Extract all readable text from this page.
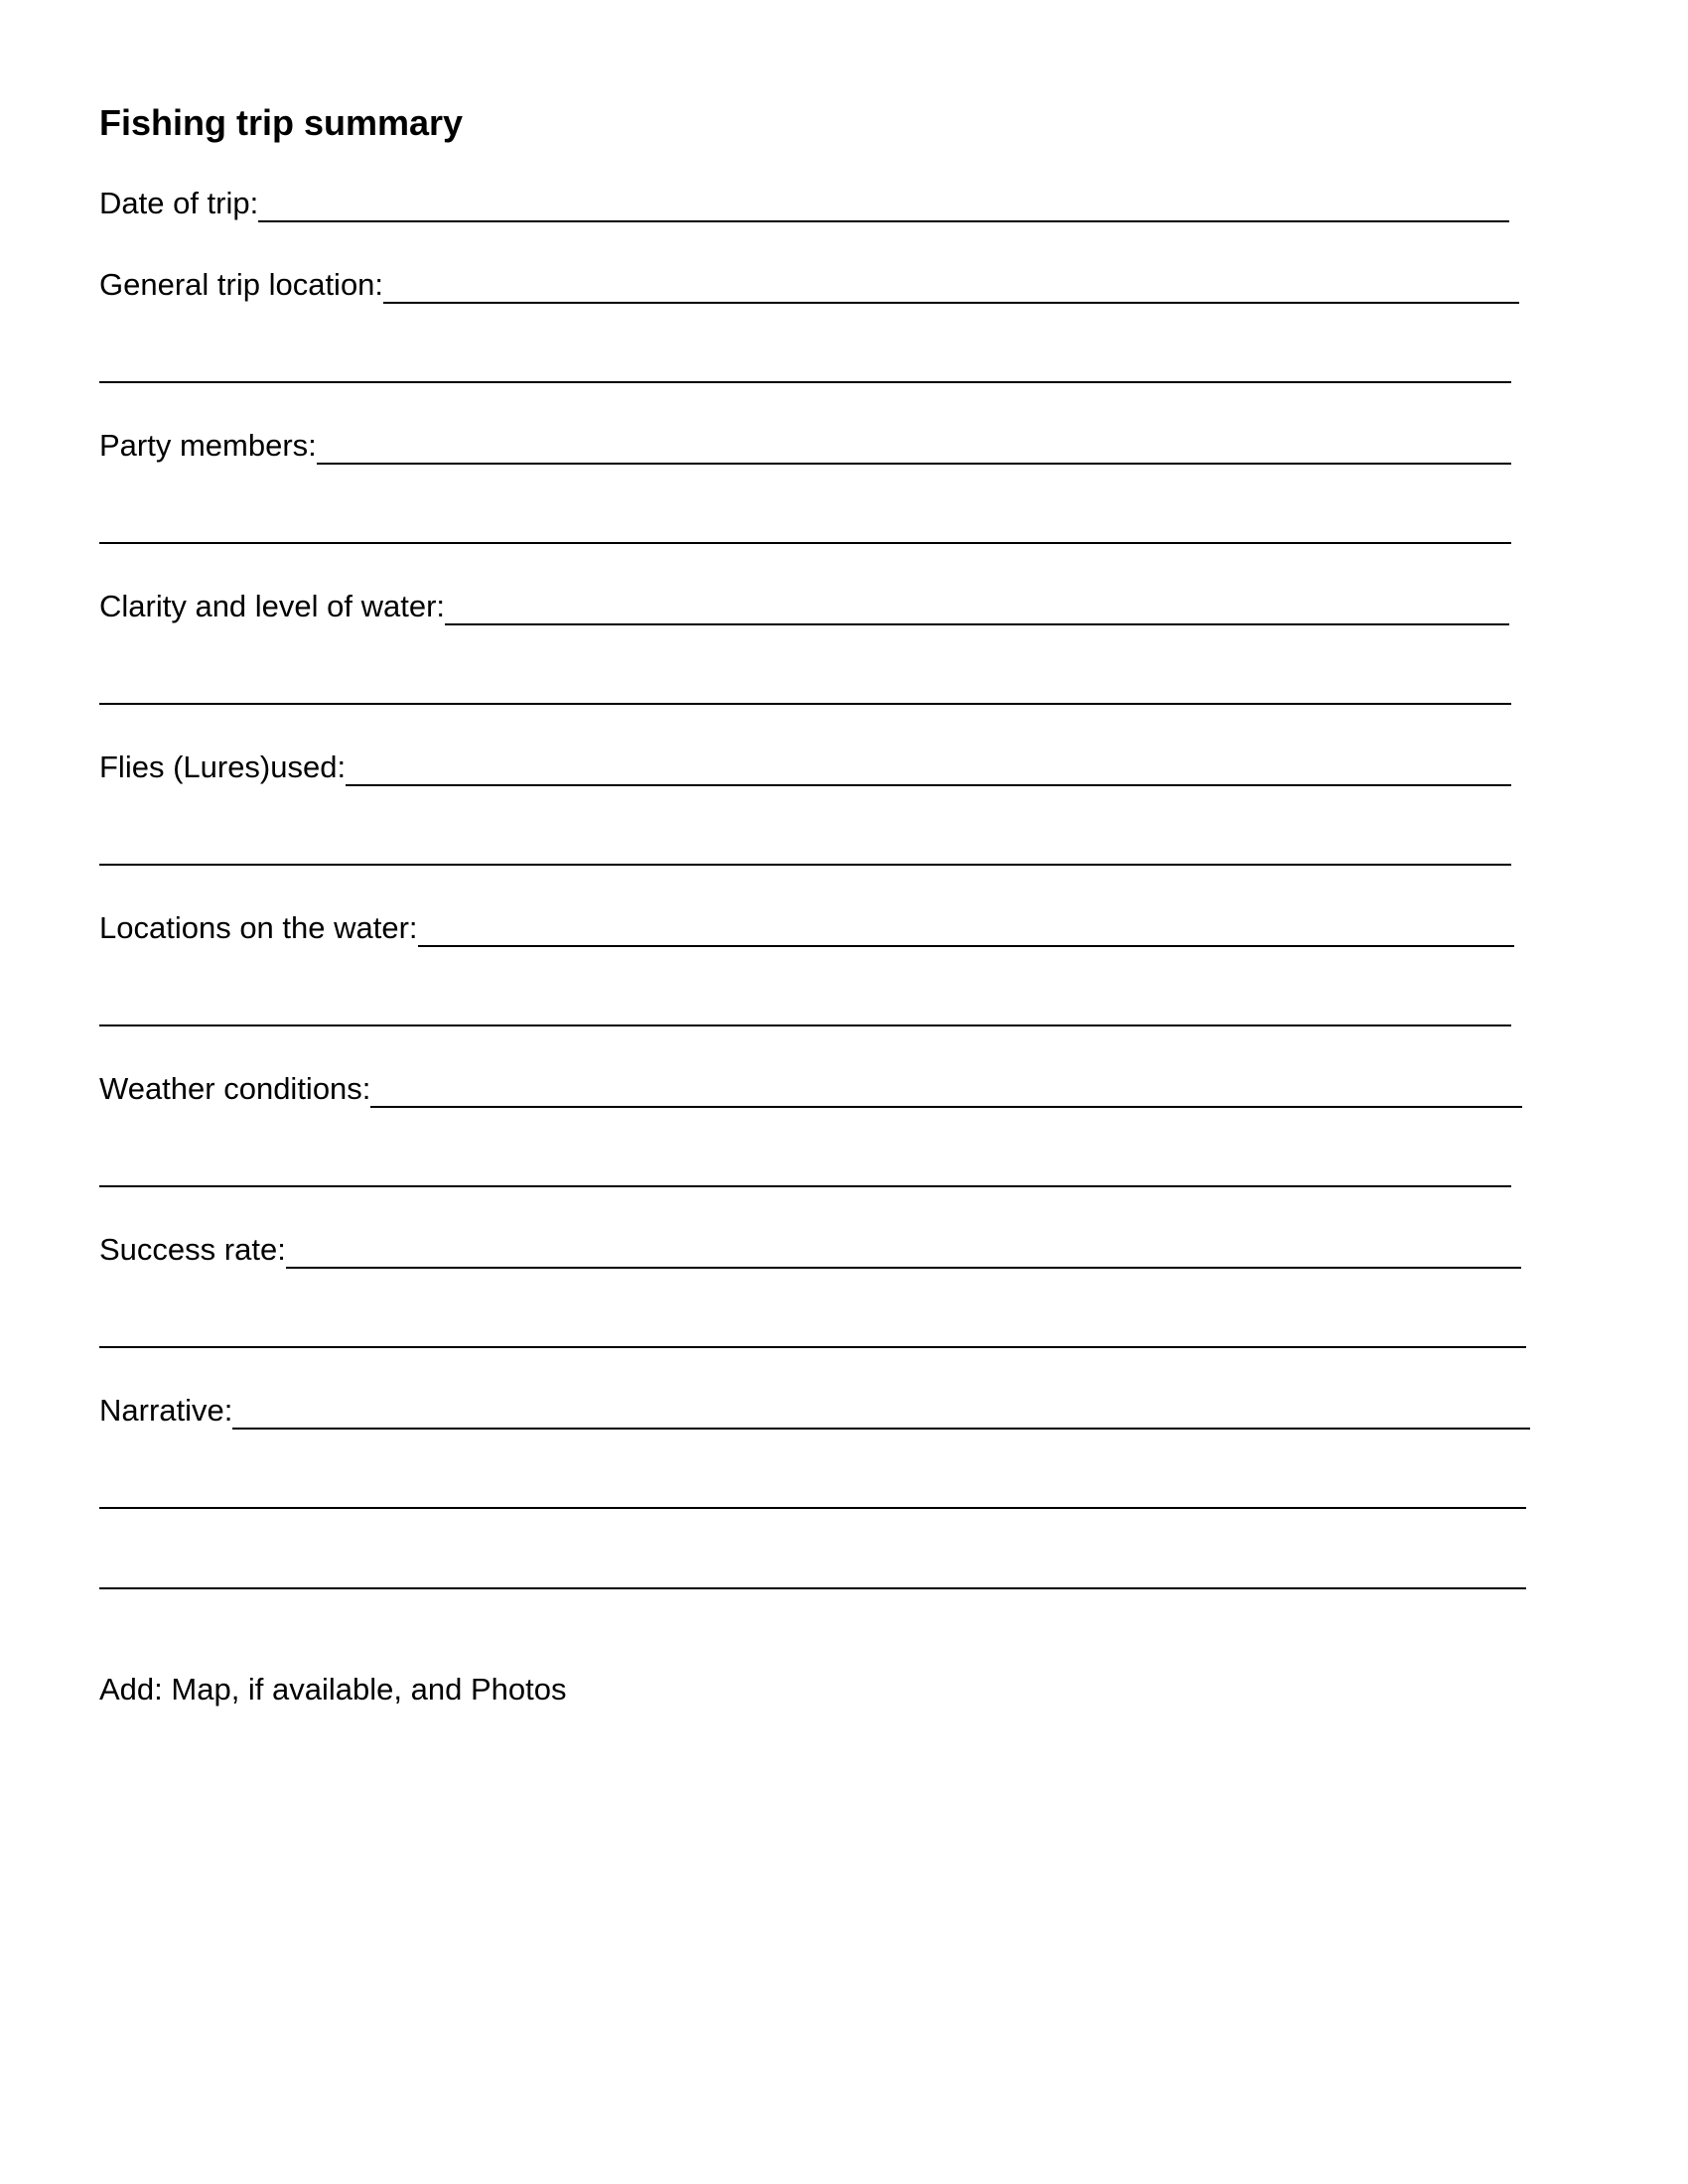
Fishing trip summary
Date of trip:
General trip location:
Party members:
Clarity and level of water:
Flies (Lures)used:
Locations on the water:
Weather conditions:
Success rate:
Narrative:
Add: Map, if available, and Photos
